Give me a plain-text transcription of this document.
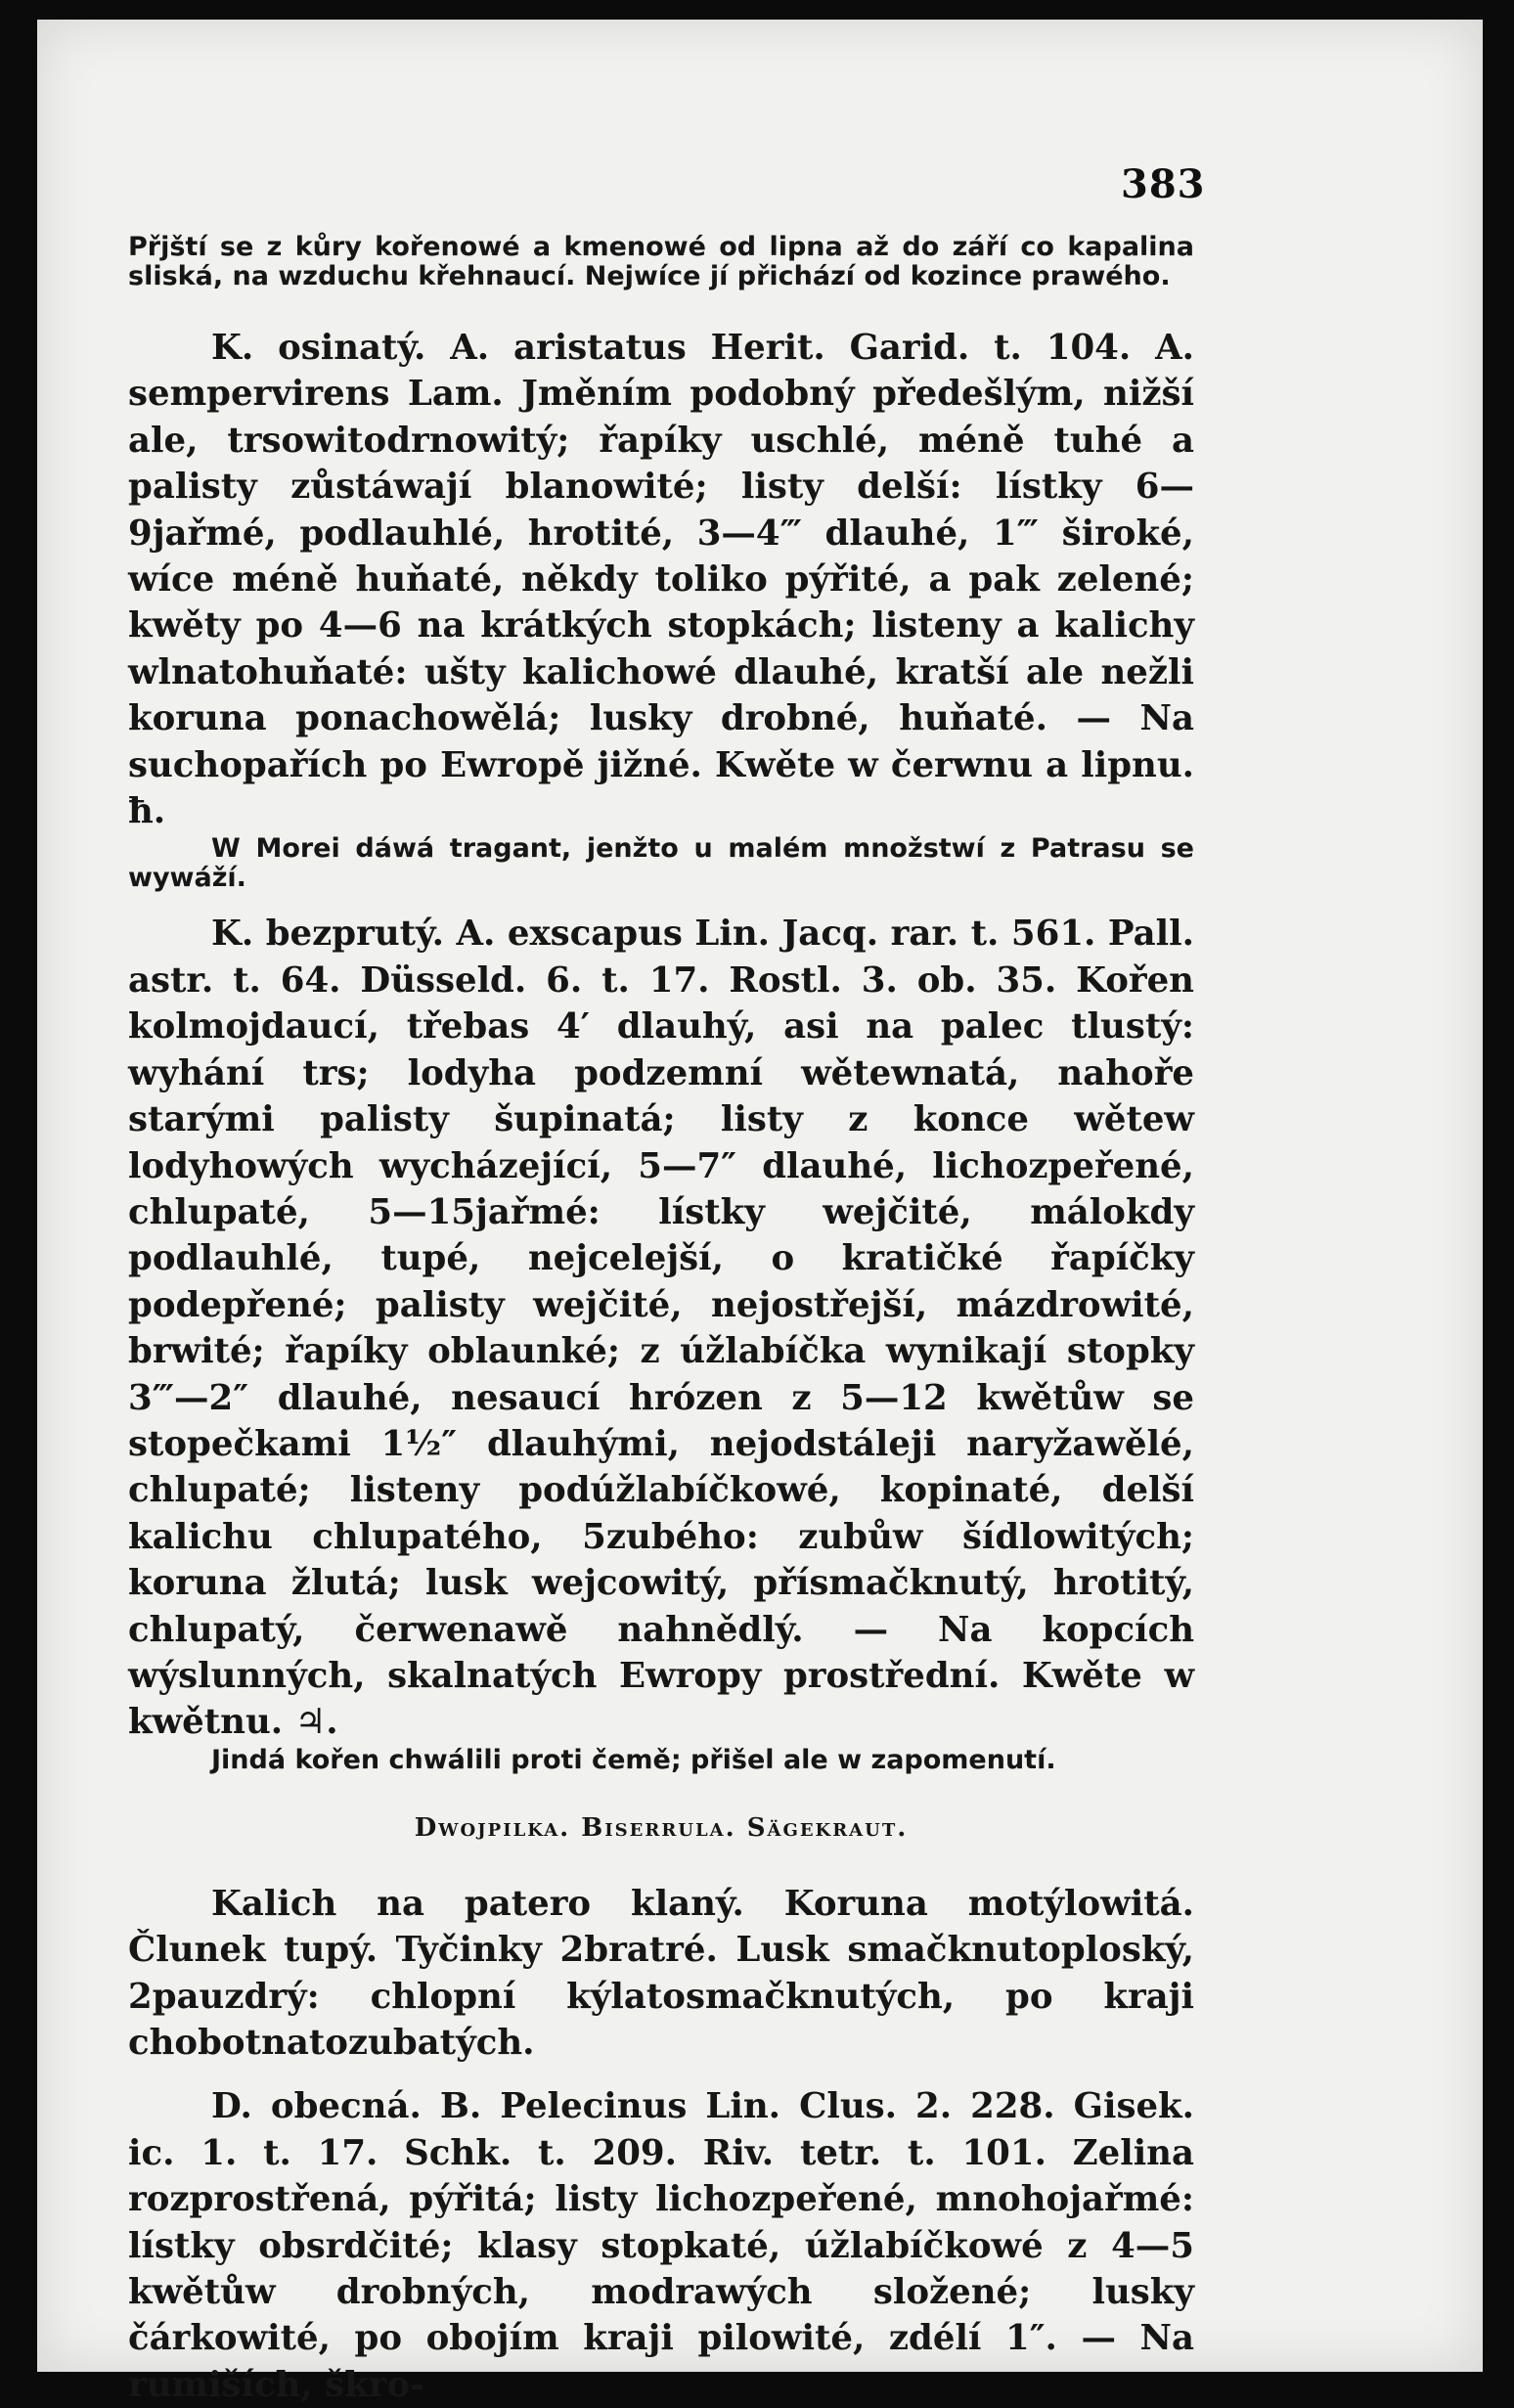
383

Přjští se z kůry kořenowé a kmenowé od lipna až do září co kapalina sliská, na wzduchu křehnaucí. Nejwíce jí přichází od kozince prawého.

K. osinatý. A. aristatus Herit. Garid. t. 104. A. sempervirens Lam. Jměním podobný předešlým, nižší ale, trsowitodrnowitý; řapíky uschlé, méně tuhé a palisty zůstáwají blanowité; listy delší: lístky 6—9jařmé, podlauhlé, hrotité, 3—4‴ dlauhé, 1‴ široké, wíce méně huňaté, někdy toliko pýřité, a pak zelené; kwěty po 4—6 na krátkých stopkách; listeny a kalichy wlnatohuňaté: ušty kalichowé dlauhé, kratší ale nežli koruna ponachowělá; lusky drobné, huňaté. — Na suchopařích po Ewropě jižné. Kwěte w čerwnu a lipnu. ħ.

W Morei dáwá tragant, jenžto u malém množstwí z Patrasu se wywáží.

K. bezprutý. A. exscapus Lin. Jacq. rar. t. 561. Pall. astr. t. 64. Düsseld. 6. t. 17. Rostl. 3. ob. 35. Kořen kolmojdaucí, třebas 4′ dlauhý, asi na palec tlustý: wyhání trs; lodyha podzemní wětewnatá, nahoře starými palisty šupinatá; listy z konce wětew lodyhowých wycházející, 5—7″ dlauhé, lichozpeřené, chlupaté, 5—15jařmé: lístky wejčité, málokdy podlauhlé, tupé, nejcelejší, o kratičké řapíčky podepřené; palisty wejčité, nejostřejší, mázdrowité, brwité; řapíky oblaunké; z úžlabíčka wynikají stopky 3‴—2″ dlauhé, nesaucí hrózen z 5—12 kwětůw se stopečkami 1½″ dlauhými, nejodstáleji naryžawělé, chlupaté; listeny podúžlabíčkowé, kopinaté, delší kalichu chlupatého, 5zubého: zubůw šídlowitých; koruna žlutá; lusk wejcowitý, přísmačknutý, hrotitý, chlupatý, čerwenawě nahnědlý. — Na kopcích wýslunných, skalnatých Ewropy prostřední. Kwěte w kwětnu. ♃.

Jindá kořen chwálili proti čemě; přišel ale w zapomenutí.

Dwojpilka. Biserrula. Sägekraut.

Kalich na patero klaný. Koruna motýlowitá. Člunek tupý. Tyčinky 2bratré. Lusk smačknutoploský, 2pauzdrý: chlopní kýlatosmačknutých, po kraji chobotnatozubatých.

D. obecná. B. Pelecinus Lin. Clus. 2. 228. Gisek. ic. 1. t. 17. Schk. t. 209. Riv. tetr. t. 101. Zelina rozprostřená, pýřitá; listy lichozpeřené, mnohojařmé: lístky obsrdčité; klasy stopkaté, úžlabíčkowé z 4—5 kwětůw drobných, modrawých složené; lusky čárkowité, po obojím kraji pilowité, zdélí 1″. — Na rumiších, škro-
